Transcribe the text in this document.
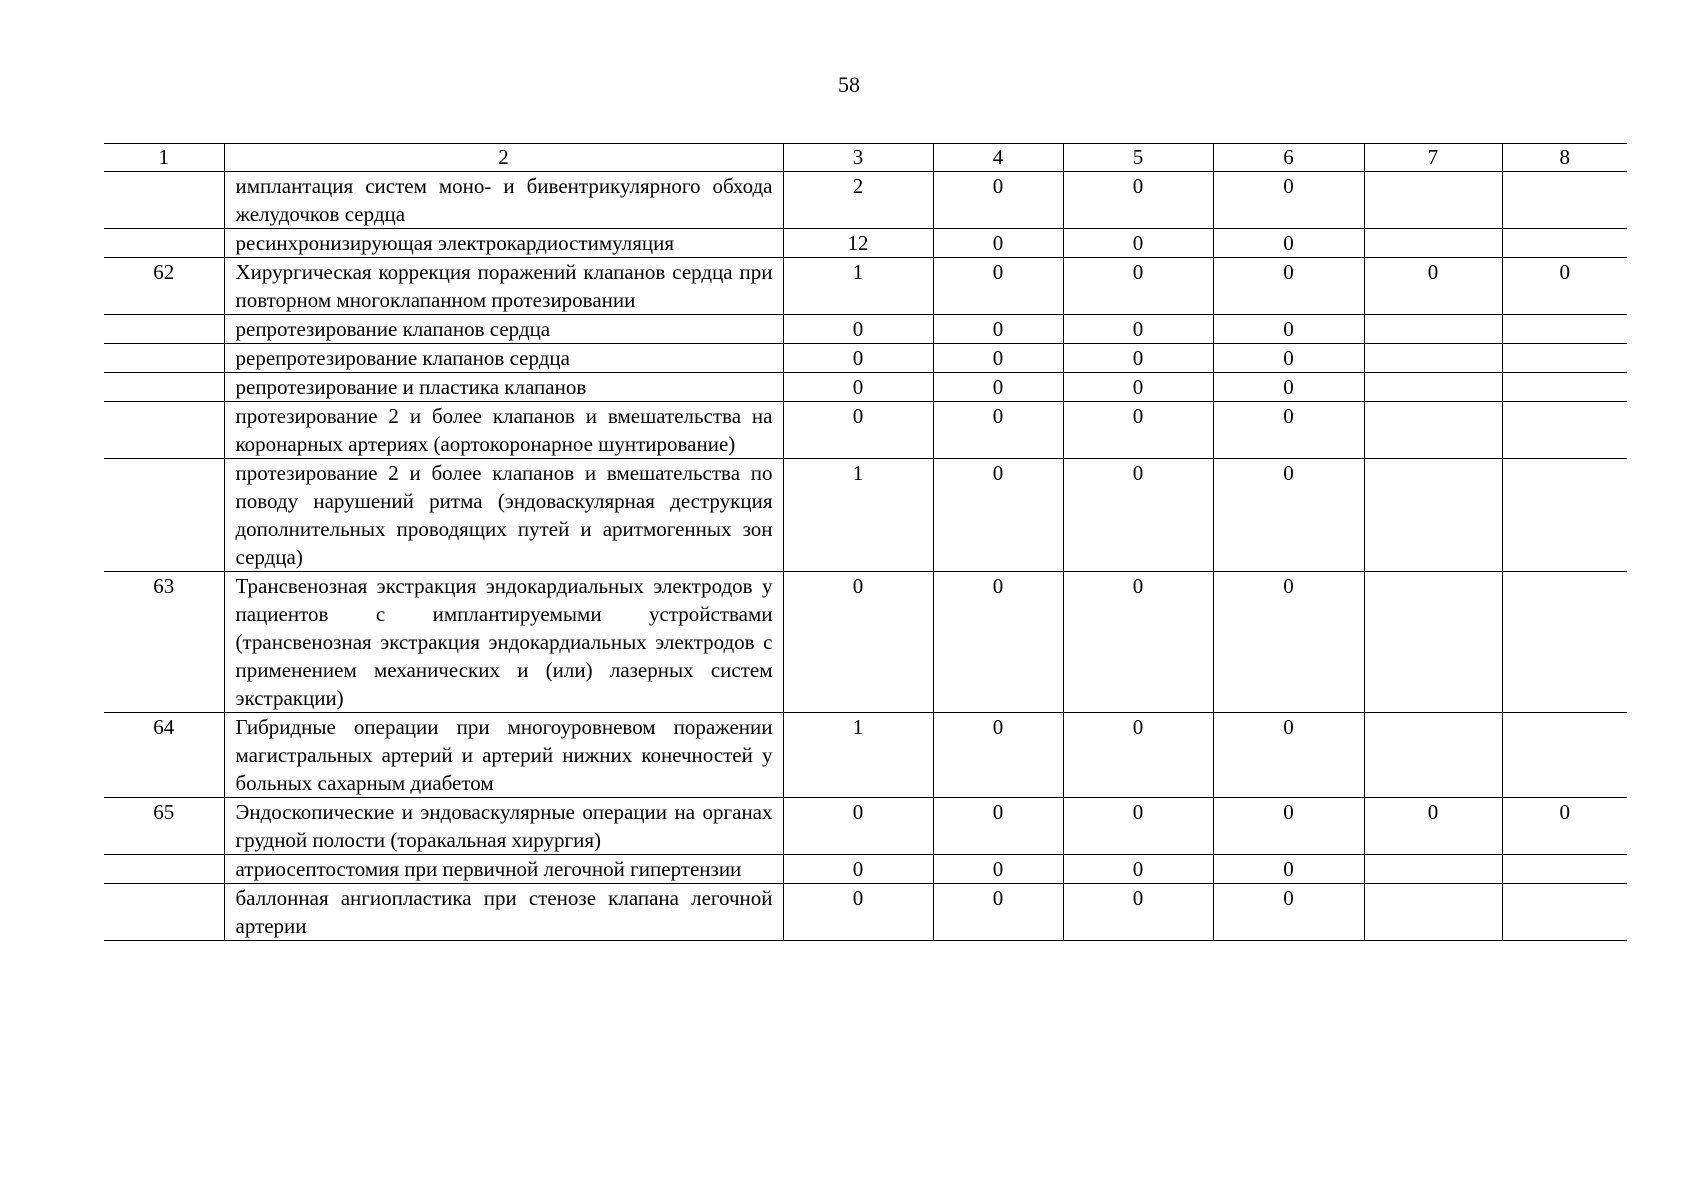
58
1	2	3	4	5	6	7	8
	имплантация систем моно- и бивентрикулярного обхода желудочков сердца	2	0	0	0		
	ресинхронизирующая электрокардиостимуляция	12	0	0	0		
62	Хирургическая коррекция поражений клапанов сердца при повторном многоклапанном протезировании	1	0	0	0	0	0
	репротезирование клапанов сердца	0	0	0	0		
	ререпротезирование клапанов сердца	0	0	0	0		
	репротезирование и пластика клапанов	0	0	0	0		
	протезирование 2 и более клапанов и вмешательства на коронарных артериях (аортокоронарное шунтирование)	0	0	0	0		
	протезирование 2 и более клапанов и вмешательства по поводу нарушений ритма (эндоваскулярная деструкция дополнительных проводящих путей и аритмогенных зон сердца)	1	0	0	0		
63	Трансвенозная экстракция эндокардиальных электродов у пациентов с имплантируемыми устройствами (трансвенозная экстракция эндокардиальных электродов с применением механических и (или) лазерных систем экстракции)	0	0	0	0		
64	Гибридные операции при многоуровневом поражении магистральных артерий и артерий нижних конечностей у больных сахарным диабетом	1	0	0	0		
65	Эндоскопические и эндоваскулярные операции на органах грудной полости (торакальная хирургия)	0	0	0	0	0	0
	атриосептостомия при первичной легочной гипертензии	0	0	0	0		
	баллонная ангиопластика при стенозе клапана легочной артерии	0	0	0	0		
